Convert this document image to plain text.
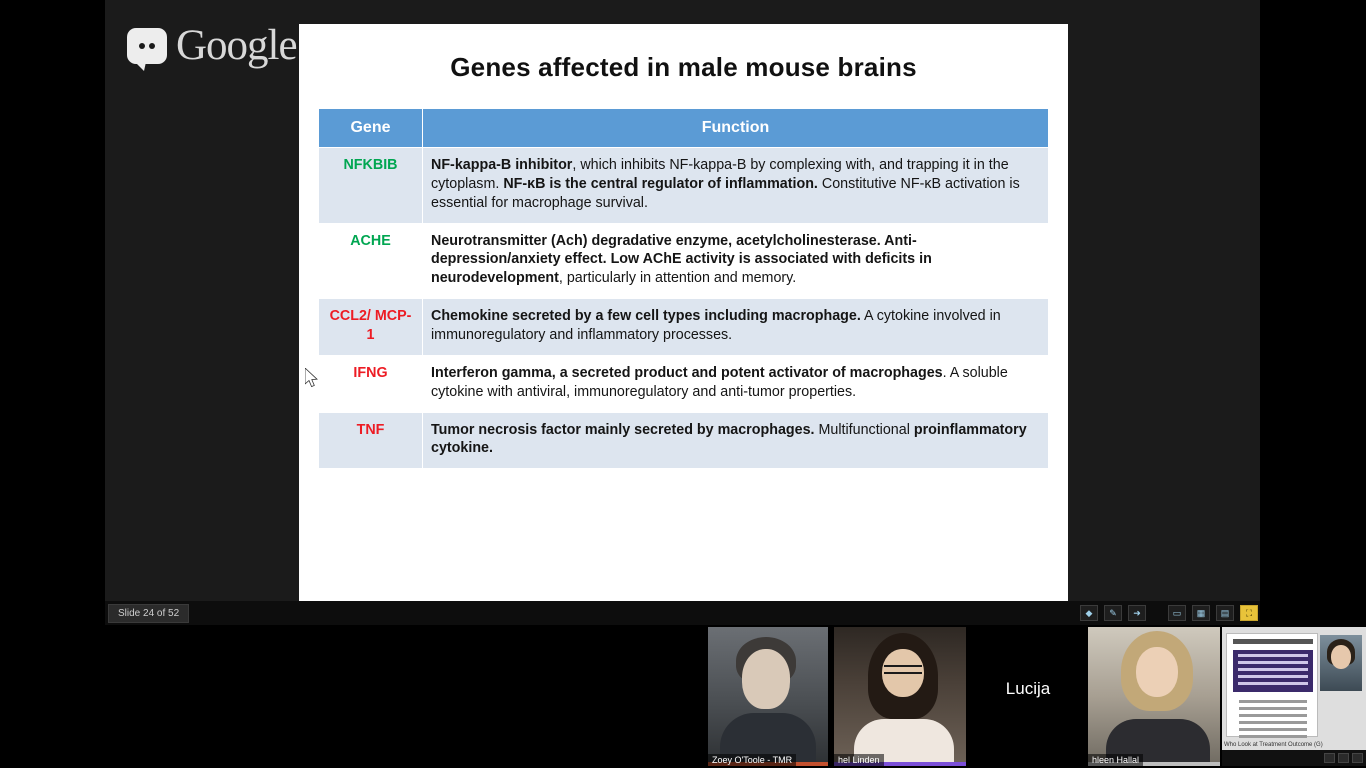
Google	Genes affected in male mouse brains
Gene	Function
NFKBIB	NF-kappa-B inhibitor, which inhibits NF-kappa-B by complexing with, and trapping it in the cytoplasm. NF-κB is the central regulator of inflammation. Constitutive NF-κB activation is essential for macrophage survival.
ACHE	Neurotransmitter (Ach) degradative enzyme, acetylcholinesterase. Anti-depression/anxiety effect. Low AChE activity is associated with deficits in neurodevelopment, particularly in attention and memory.
CCL2/ MCP-1	Chemokine secreted by a few cell types including macrophage. A cytokine involved in immunoregulatory and inflammatory processes.
IFNG	Interferon gamma, a secreted product and potent activator of macrophages. A soluble cytokine with antiviral, immunoregulatory and anti-tumor properties.
TNF	Tumor necrosis factor mainly secreted by macrophages. Multifunctional proinflammatory cytokine.
Slide 24 of 52	◆	✎	➜	▭	▦	▤	⛶
Zoey O'Toole - TMR	hel Linden
Lucija
hleen Hallal
Who Look at Treatment Outcome (G)
